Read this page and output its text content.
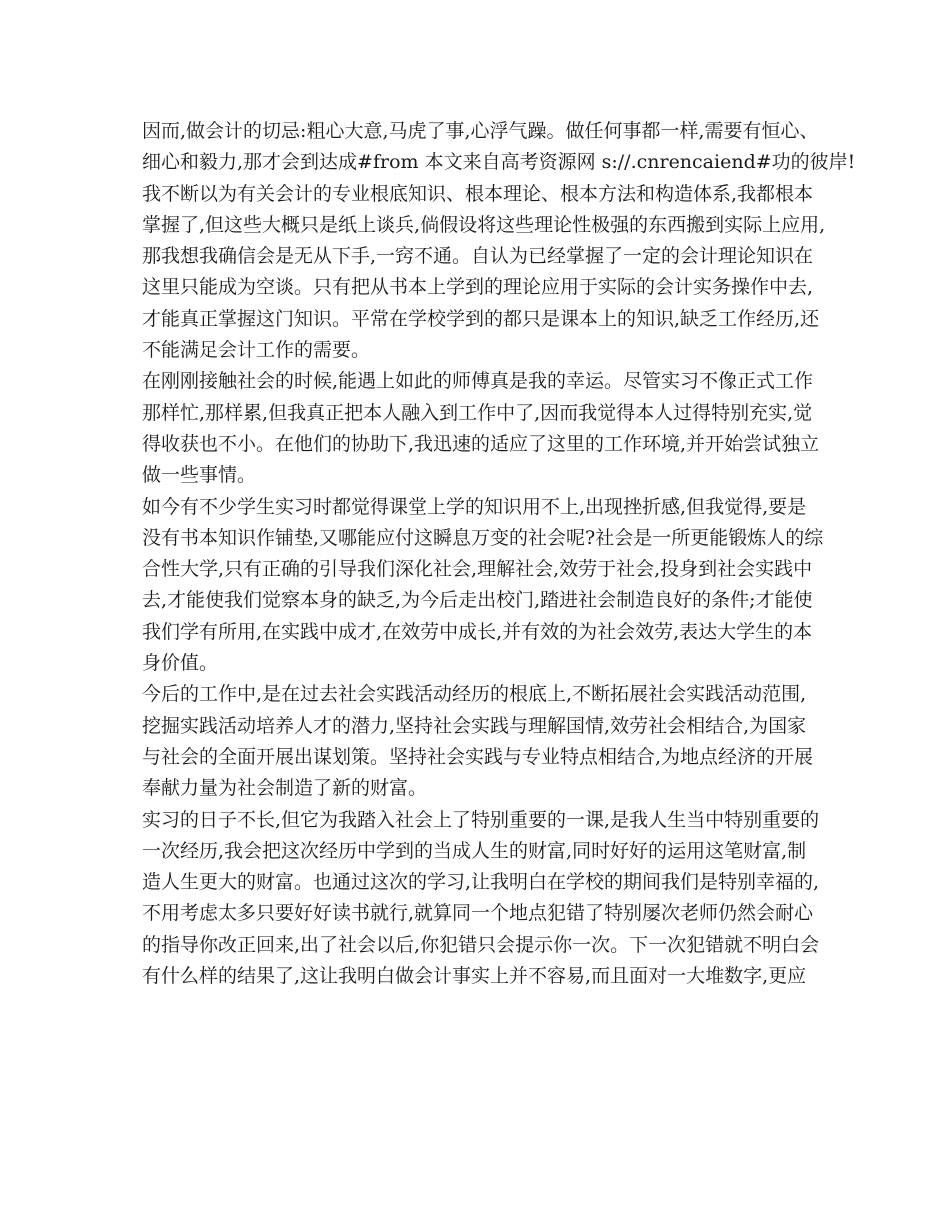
因而,做会计的切忌:粗心大意,马虎了事,心浮气躁。做任何事都一样,需要有恒心、
细心和毅力,那才会到达成#from 本文来自高考资源网 s://.cnrencaiend#功的彼岸!
我不断以为有关会计的专业根底知识、根本理论、根本方法和构造体系,我都根本
掌握了,但这些大概只是纸上谈兵,倘假设将这些理论性极强的东西搬到实际上应用,
那我想我确信会是无从下手,一窍不通。自认为已经掌握了一定的会计理论知识在
这里只能成为空谈。只有把从书本上学到的理论应用于实际的会计实务操作中去,
才能真正掌握这门知识。平常在学校学到的都只是课本上的知识,缺乏工作经历,还
不能满足会计工作的需要。
在刚刚接触社会的时候,能遇上如此的师傅真是我的幸运。尽管实习不像正式工作
那样忙,那样累,但我真正把本人融入到工作中了,因而我觉得本人过得特别充实,觉
得收获也不小。在他们的协助下,我迅速的适应了这里的工作环境,并开始尝试独立
做一些事情。
如今有不少学生实习时都觉得课堂上学的知识用不上,出现挫折感,但我觉得,要是
没有书本知识作铺垫,又哪能应付这瞬息万变的社会呢?社会是一所更能锻炼人的综
合性大学,只有正确的引导我们深化社会,理解社会,效劳于社会,投身到社会实践中
去,才能使我们觉察本身的缺乏,为今后走出校门,踏进社会制造良好的条件;才能使
我们学有所用,在实践中成才,在效劳中成长,并有效的为社会效劳,表达大学生的本
身价值。
今后的工作中,是在过去社会实践活动经历的根底上,不断拓展社会实践活动范围,
挖掘实践活动培养人才的潜力,坚持社会实践与理解国情,效劳社会相结合,为国家
与社会的全面开展出谋划策。坚持社会实践与专业特点相结合,为地点经济的开展
奉献力量为社会制造了新的财富。
实习的日子不长,但它为我踏入社会上了特别重要的一课,是我人生当中特别重要的
一次经历,我会把这次经历中学到的当成人生的财富,同时好好的运用这笔财富,制
造人生更大的财富。也通过这次的学习,让我明白在学校的期间我们是特别幸福的,
不用考虑太多只要好好读书就行,就算同一个地点犯错了特别屡次老师仍然会耐心
的指导你改正回来,出了社会以后,你犯错只会提示你一次。下一次犯错就不明白会
有什么样的结果了,这让我明白做会计事实上并不容易,而且面对一大堆数字,更应
